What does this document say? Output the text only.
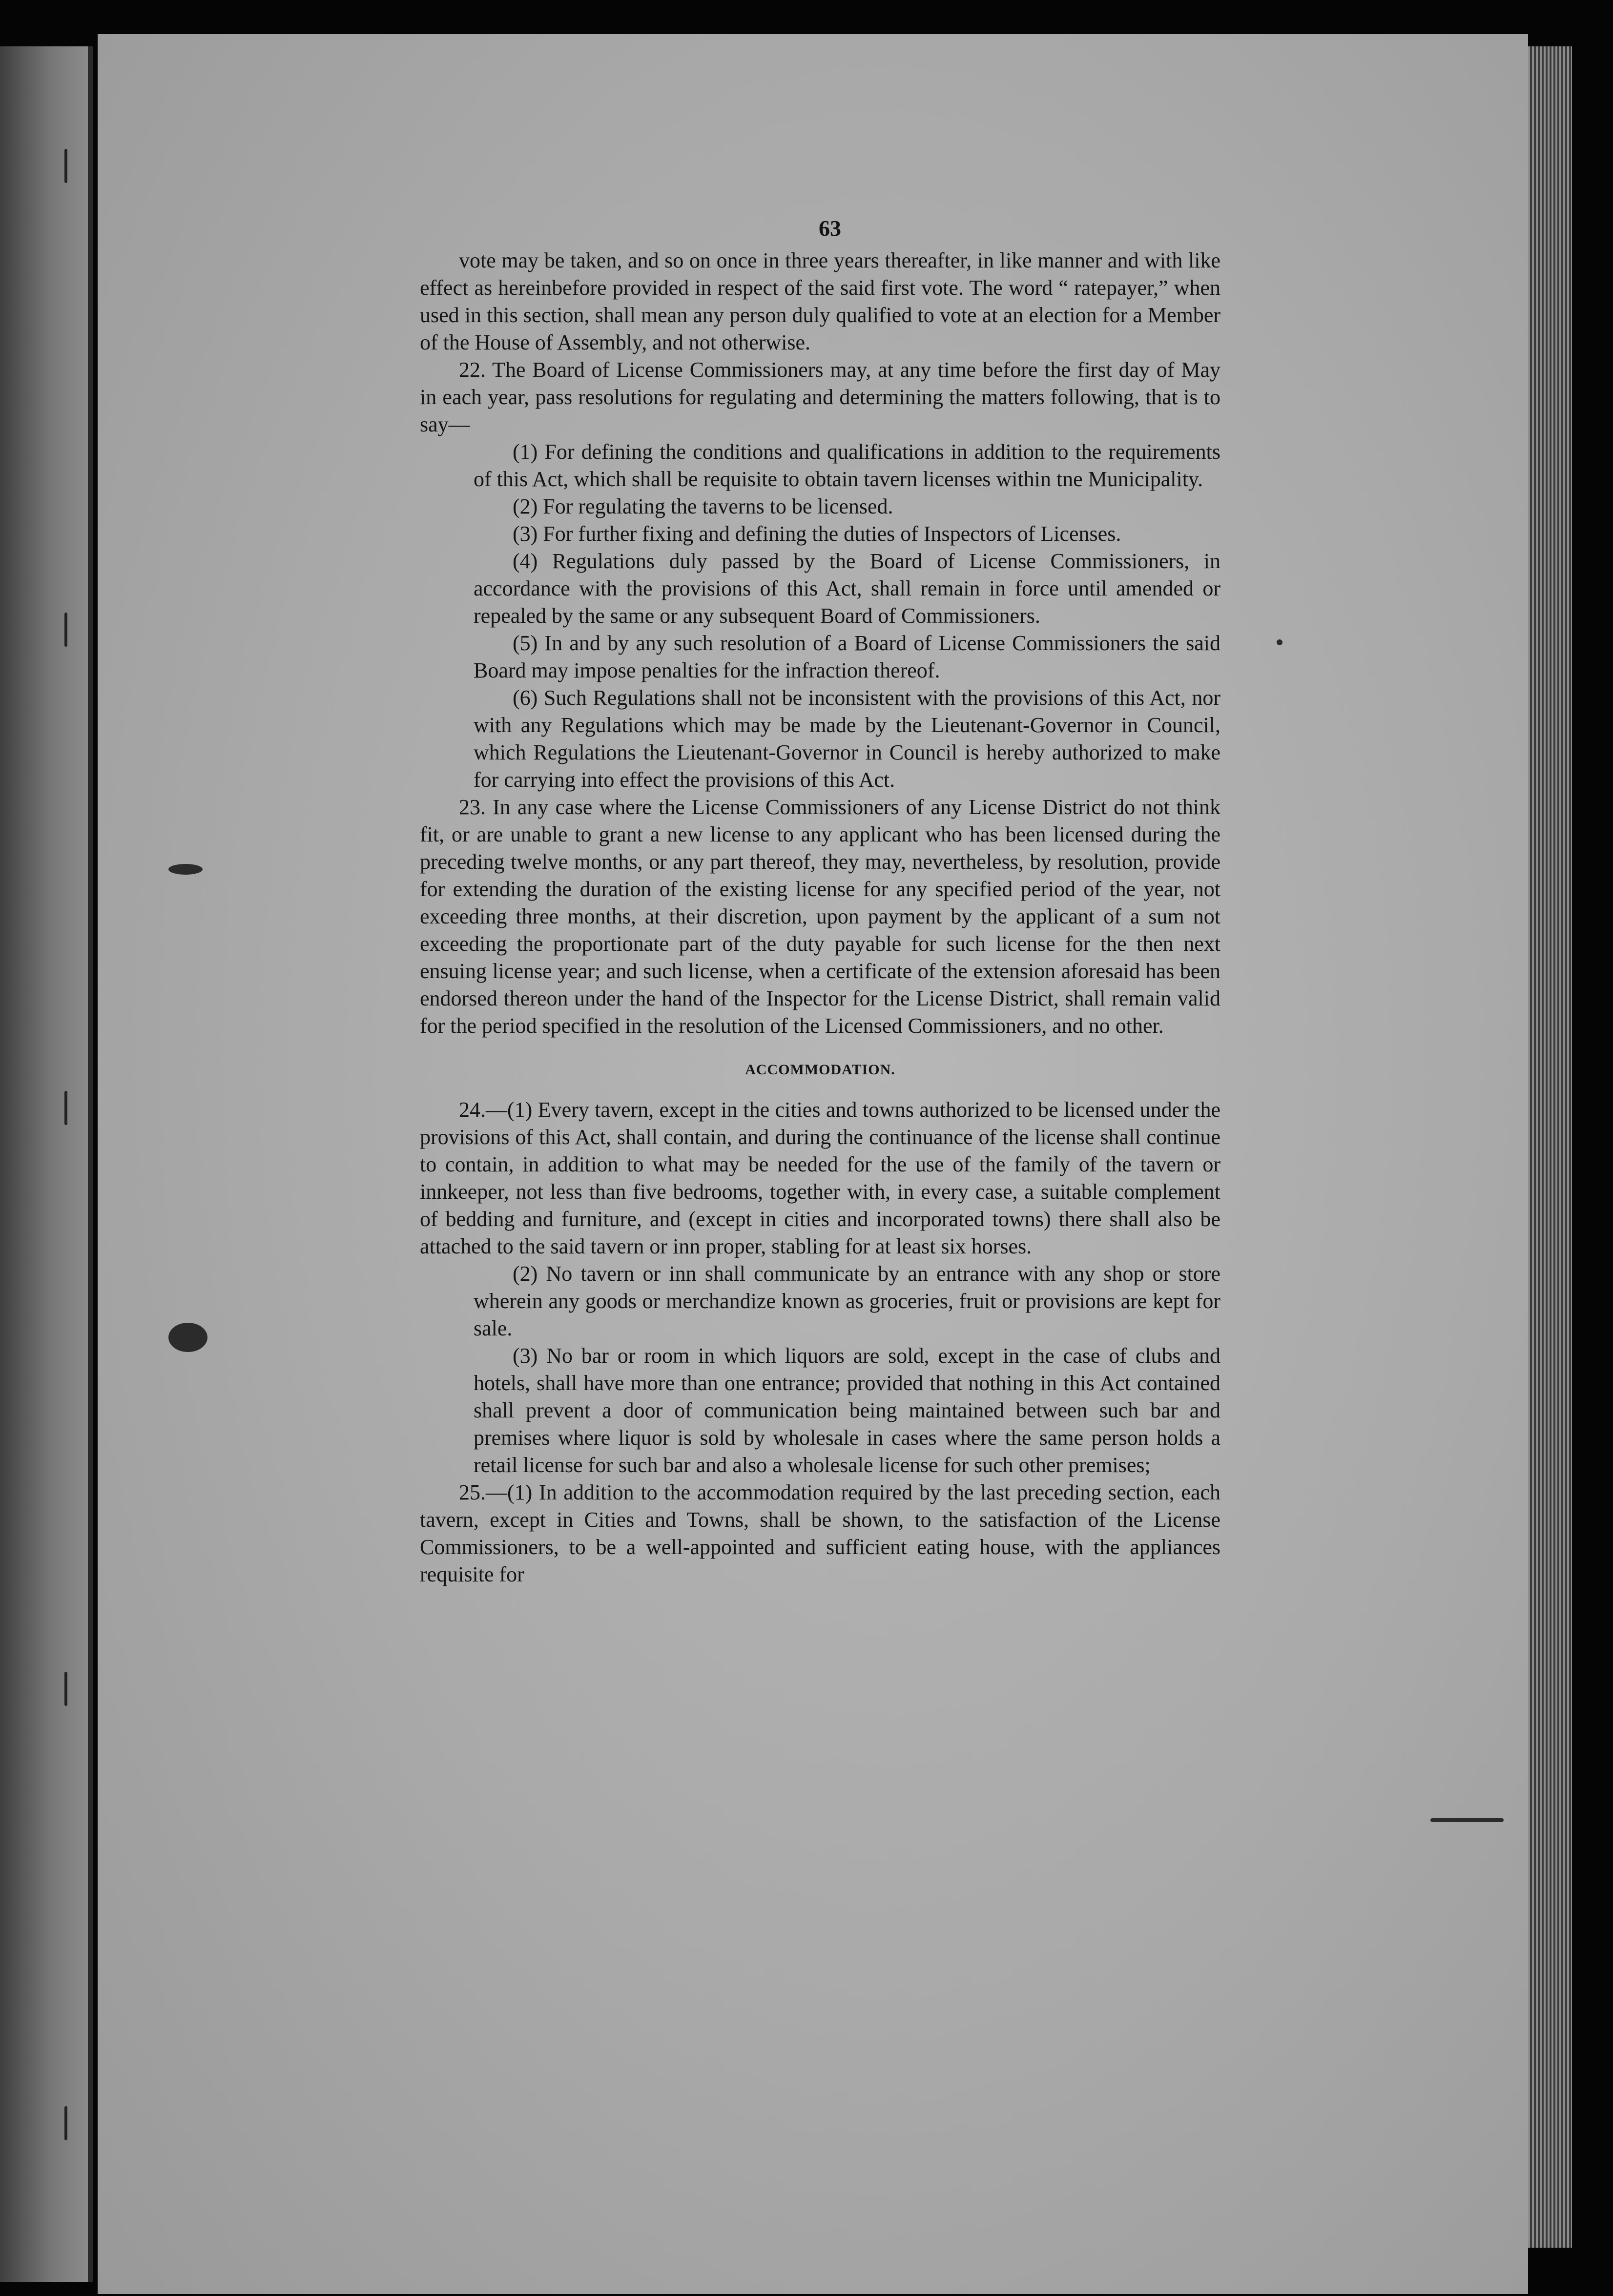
63

vote may be taken, and so on once in three years thereafter, in like manner and with like effect as hereinbefore provided in respect of the said first vote. The word “ ratepayer,” when used in this section, shall mean any person duly qualified to vote at an election for a Member of the House of Assembly, and not otherwise.

22. The Board of License Commissioners may, at any time before the first day of May in each year, pass resolutions for regulating and determining the matters following, that is to say—

(1) For defining the conditions and qualifications in addition to the requirements of this Act, which shall be requisite to obtain tavern licenses within tne Municipality.

(2) For regulating the taverns to be licensed.

(3) For further fixing and defining the duties of Inspectors of Licenses.

(4) Regulations duly passed by the Board of License Commissioners, in accordance with the provisions of this Act, shall remain in force until amended or repealed by the same or any subsequent Board of Commissioners.

(5) In and by any such resolution of a Board of License Commissioners the said Board may impose penalties for the infraction thereof.

(6) Such Regulations shall not be inconsistent with the provisions of this Act, nor with any Regulations which may be made by the Lieutenant-Governor in Council, which Regulations the Lieutenant-Governor in Council is hereby authorized to make for carrying into effect the provisions of this Act.

23. In any case where the License Commissioners of any License District do not think fit, or are unable to grant a new license to any applicant who has been licensed during the preceding twelve months, or any part thereof, they may, nevertheless, by resolution, provide for extending the duration of the existing license for any specified period of the year, not exceeding three months, at their discretion, upon payment by the applicant of a sum not exceeding the proportionate part of the duty payable for such license for the then next ensuing license year; and such license, when a certificate of the extension aforesaid has been endorsed thereon under the hand of the Inspector for the License District, shall remain valid for the period specified in the resolution of the Licensed Commissioners, and no other.

ACCOMMODATION.

24.—(1) Every tavern, except in the cities and towns authorized to be licensed under the provisions of this Act, shall contain, and during the continuance of the license shall continue to contain, in addition to what may be needed for the use of the family of the tavern or innkeeper, not less than five bedrooms, together with, in every case, a suitable complement of bedding and furniture, and (except in cities and incorporated towns) there shall also be attached to the said tavern or inn proper, stabling for at least six horses.

(2) No tavern or inn shall communicate by an entrance with any shop or store wherein any goods or merchandize known as groceries, fruit or provisions are kept for sale.

(3) No bar or room in which liquors are sold, except in the case of clubs and hotels, shall have more than one entrance; provided that nothing in this Act contained shall prevent a door of communication being maintained between such bar and premises where liquor is sold by wholesale in cases where the same person holds a retail license for such bar and also a wholesale license for such other premises;

25.—(1) In addition to the accommodation required by the last preceding section, each tavern, except in Cities and Towns, shall be shown, to the satisfaction of the License Commissioners, to be a well-appointed and sufficient eating house, with the appliances requisite for
